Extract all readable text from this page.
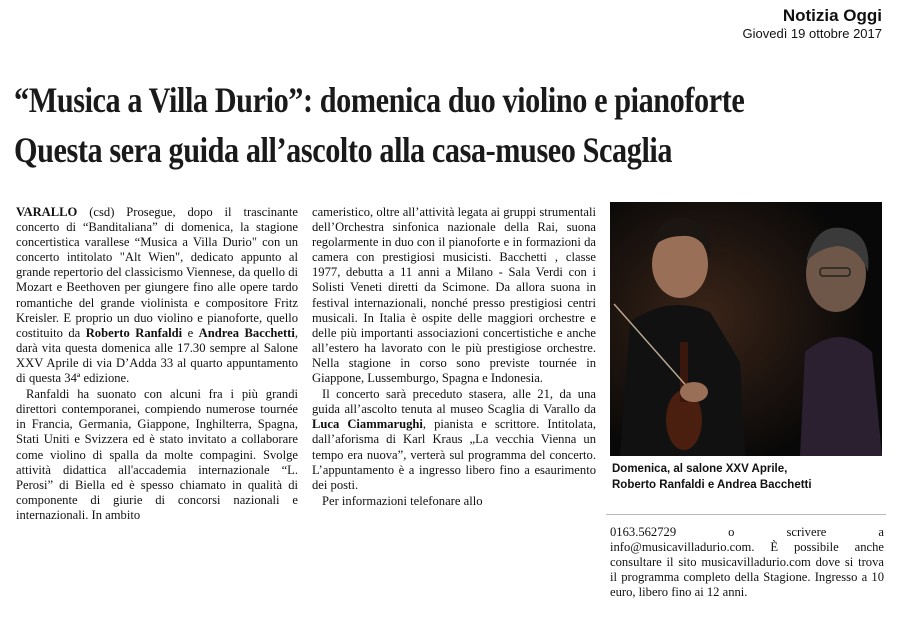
Notizia Oggi
Giovedì 19 ottobre 2017
“Musica a Villa Durio”: domenica duo violino e pianoforte
Questa sera guida all’ascolto alla casa-museo Scaglia

VARALLO (csd) Prosegue, dopo il trascinante concerto di “Banditaliana” di domenica, la stagione concertistica varallese “Musica a Villa Durio" con un concerto intitolato "Alt Wien", dedicato appunto al grande repertorio del classicismo Viennese, da quello di Mozart e Beethoven per giungere fino alle opere tardo romantiche del grande violinista e compositore Fritz Kreisler. E proprio un duo violino e pianoforte, quello costituito da Roberto Ranfaldi e Andrea Bacchetti, darà vita questa domenica alle 17.30 sempre al Salone XXV Aprile di via D’Adda 33 al quarto appuntamento di questa 34ª edizione.

Ranfaldi ha suonato con alcuni fra i più grandi direttori contemporanei, compiendo numerose tournée in Francia, Germania, Giappone, Inghilterra, Spagna, Stati Uniti e Svizzera ed è stato invitato a collaborare come violino di spalla da molte compagini. Svolge attività didattica all'accademia internazionale “L. Perosi” di Biella ed è spesso chiamato in qualità di componente di giurie di concorsi nazionali e internazionali. In ambito

cameristico, oltre all’attività legata ai gruppi strumentali dell’Orchestra sinfonica nazionale della Rai, suona regolarmente in duo con il pianoforte e in formazioni da camera con prestigiosi musicisti. Bacchetti , classe 1977, debutta a 11 anni a Milano - Sala Verdi con i Solisti Veneti diretti da Scimone. Da allora suona in festival internazionali, nonché presso prestigiosi centri musicali. In Italia è ospite delle maggiori orchestre e delle più importanti associazioni concertistiche e anche all’estero ha lavorato con le più prestigiose orchestre. Nella stagione in corso sono previste tournée in Giappone, Lussemburgo, Spagna e Indonesia.

Il concerto sarà preceduto stasera, alle 21, da una guida all’ascolto tenuta al museo Scaglia di Varallo da Luca Ciammarughi, pianista e scrittore. Intitolata, dall’aforisma di Karl Kraus „La vecchia Vienna un tempo era nuova”, verterà sul programma del concerto. L’appuntamento è a ingresso libero fino a esaurimento dei posti.

Per informazioni telefonare allo

Domenica, al salone XXV Aprile,
Roberto Ranfaldi e Andrea Bacchetti

0163.562729 o scrivere a info@musicavilladurio.com. È possibile anche consultare il sito musicavilladurio.com dove si trova il programma completo della Stagione. Ingresso a 10 euro, libero fino ai 12 anni.
